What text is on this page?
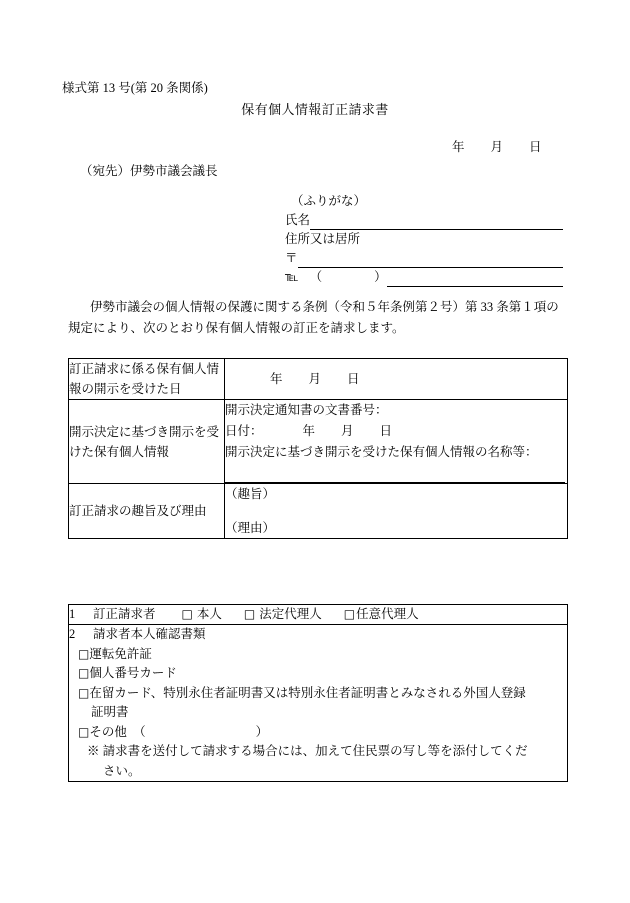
様式第 13 号(第 20 条関係)
保有個人情報訂正請求書
年 月 日
（宛先）伊勢市議会議長
（ふりがな）
氏名
住所又は居所
〒
℡ （	）
伊勢市議会の個人情報の保護に関する条例（令和５年条例第２号）第 33 条第１項の
規定により、次のとおり保有個人情報の訂正を請求します。
訂正請求に係る保有個人情報の開示を受けた日	年 月 日

開示決定に基づき開示を受けた保有個人情報	開示決定通知書の文書番号：
日付： 年 月 日
開示決定に基づき開示を受けた保有個人情報の名称等：

訂正請求の趣旨及び理由	（趣旨）
（理由）
1 訂正請求者 □ 本人 □ 法定代理人 □任意代理人

2 請求者本人確認書類
□運転免許証
□個人番号カード
□在留カード、特別永住者証明書又は特別永住者証明書とみなされる外国人登録
証明書
□その他　（	）
※ 請求書を送付して請求する場合には、加えて住民票の写し等を添付してくだ
さい。
